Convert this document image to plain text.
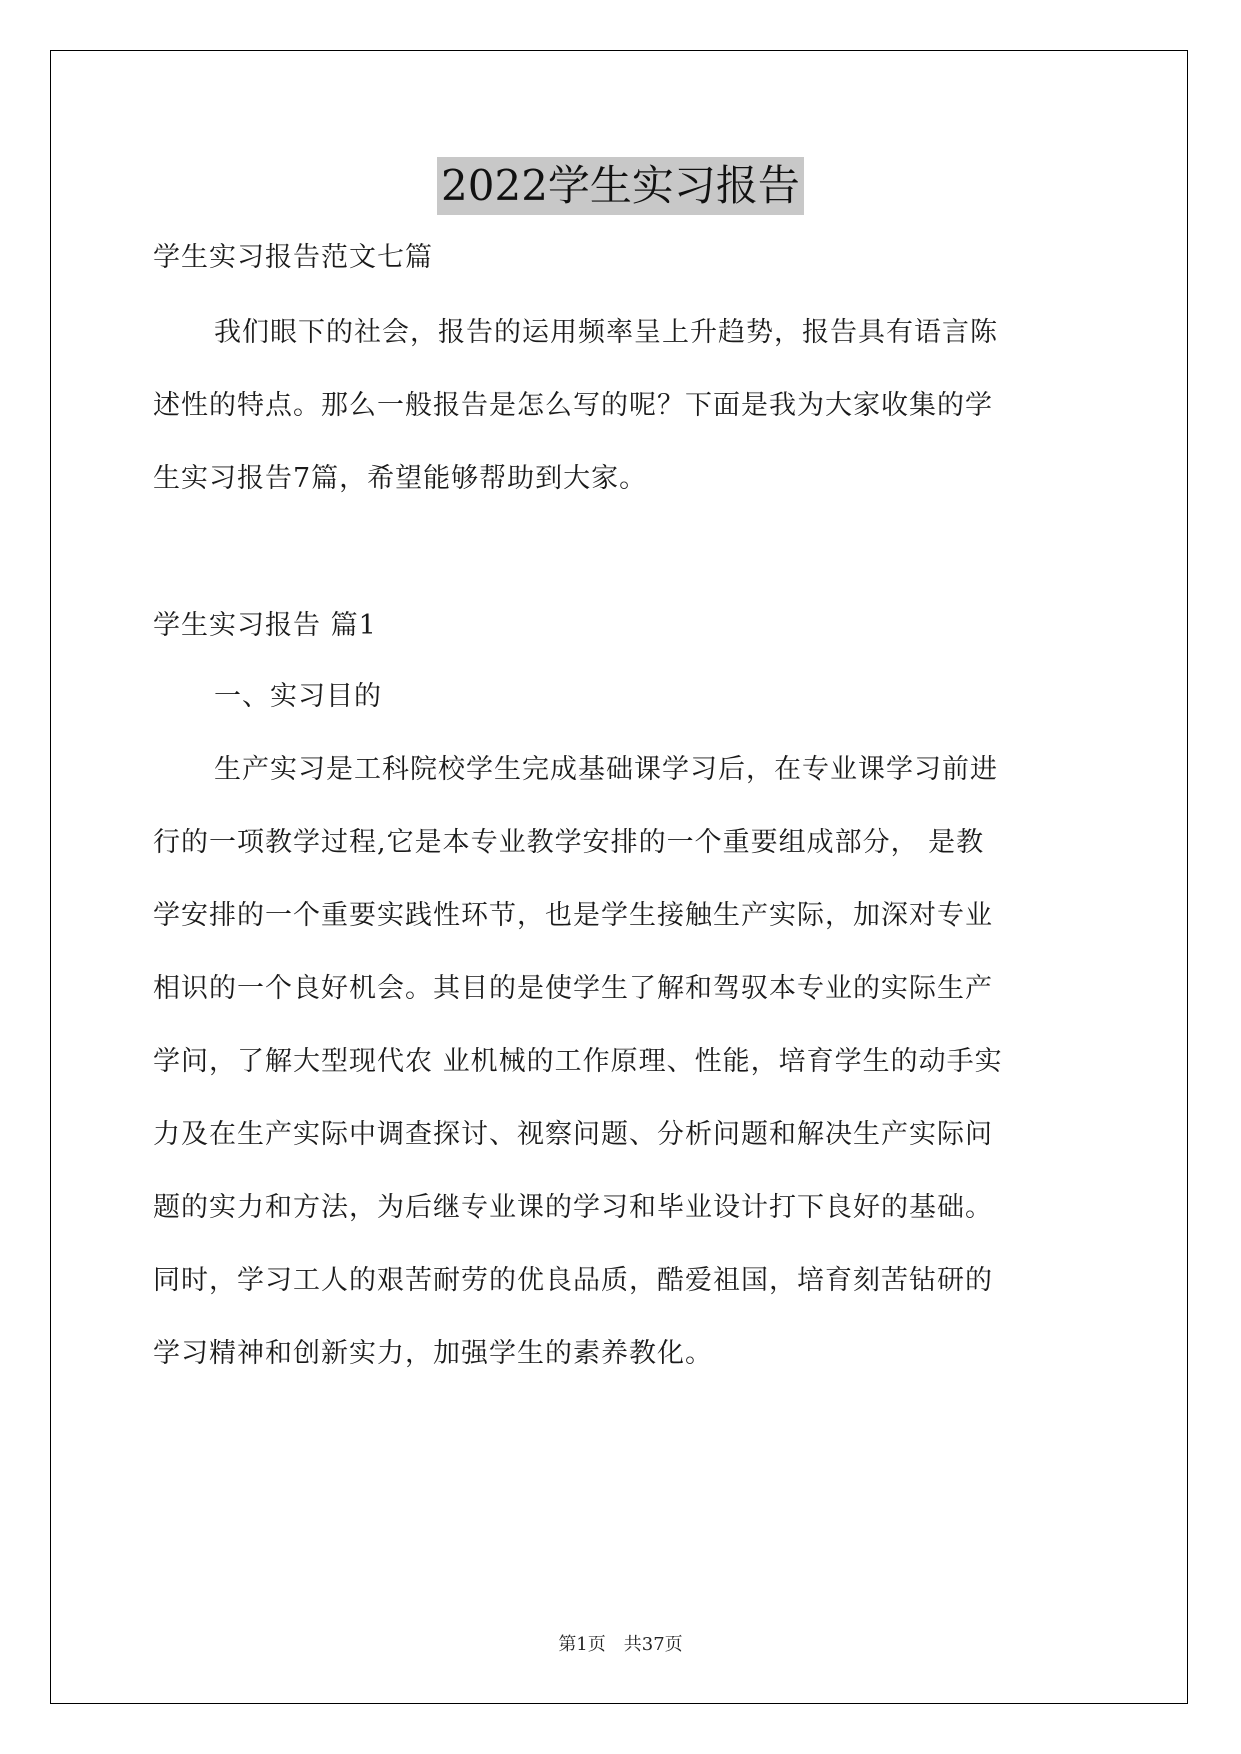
2022学生实习报告
学生实习报告范文七篇
我们眼下的社会，报告的运用频率呈上升趋势，报告具有语言陈
述性的特点。那么一般报告是怎么写的呢？下面是我为大家收集的学
生实习报告7篇，希望能够帮助到大家。
学生实习报告 篇1
一、实习目的
生产实习是工科院校学生完成基础课学习后，在专业课学习前进
行的一项教学过程,它是本专业教学安排的一个重要组成部分， 是教
学安排的一个重要实践性环节，也是学生接触生产实际，加深对专业
相识的一个良好机会。其目的是使学生了解和驾驭本专业的实际生产
学问，了解大型现代农 业机械的工作原理、性能，培育学生的动手实
力及在生产实际中调查探讨、视察问题、分析问题和解决生产实际问
题的实力和方法，为后继专业课的学习和毕业设计打下良好的基础。
同时，学习工人的艰苦耐劳的优良品质，酷爱祖国，培育刻苦钻研的
学习精神和创新实力，加强学生的素养教化。
第1页　共37页
